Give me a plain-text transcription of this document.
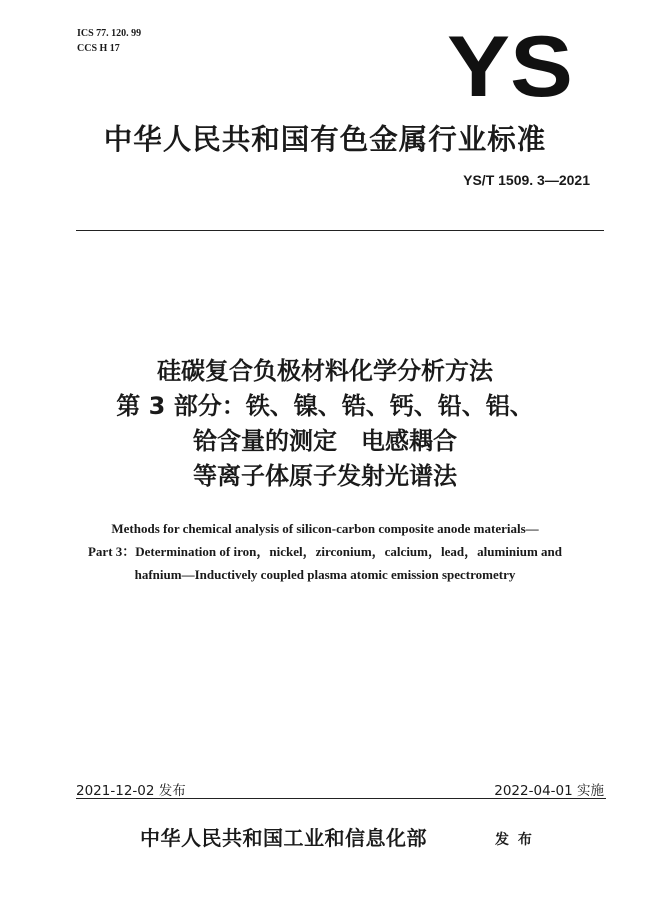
ICS 77. 120. 99
CCS H 17	YS
中华人民共和国有色金属行业标准
YS/T 1509. 3—2021
硅碳复合负极材料化学分析方法
第 3 部分：铁、镍、锆、钙、铅、铝、
铪含量的测定　电感耦合
等离子体原子发射光谱法
Methods for chemical analysis of silicon-carbon composite anode materials—
Part 3：Determination of iron，nickel，zirconium，calcium，lead，aluminium and
hafnium—Inductively coupled plasma atomic emission spectrometry
2021-12-02 发布	2022-04-01 实施
中华人民共和国工业和信息化部	发 布
